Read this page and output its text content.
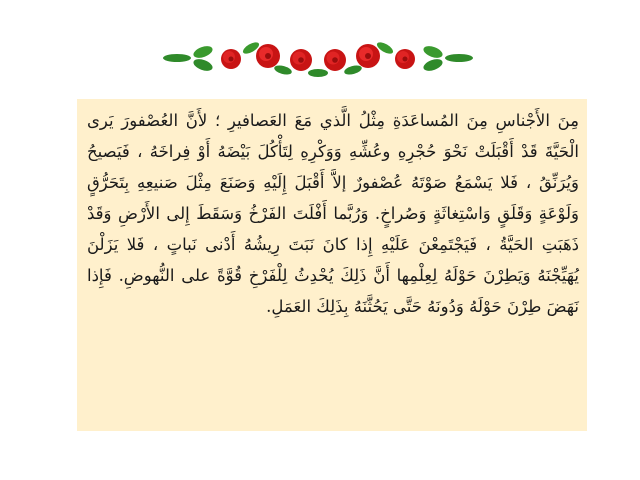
مِنَ الأَجْناسِ مِنَ المُساعَدَةِ مِثْلُ الَّذي مَعَ العَصافيرِ ؛ لأَنَّ العُصْفورَ يَرى الْحَيَّةَ قَدْ أَقْبَلَتْ نَحْوَ حُجْرِهِ وعُشِّهِ وَوَكْرِهِ لِتَأْكُلَ بَيْضَهُ أَوْ فِراخَهُ ، فَيَصيحُ وَيُرَنِّقُ ، فَلا يَسْمَعُ صَوْتَهُ عُصْفورٌ إلاَّ أَقْبَلَ إِلَيْهِ وَصَنَعَ مِثْلَ صَنيعِهِ بِتَحَرُّقٍ وَلَوْعَةٍ وَقَلَقٍ وَاسْتِغاثَةٍ وَصُراخٍ. وَرُبَّما أَفْلَتَ الفَرْخُ وَسَقَطَ إِلى الأَرْضِ وَقَدْ ذَهَبَتِ الحَيَّةُ ، فَيَجْتَمِعْنَ عَلَيْهِ إِذا كانَ نَبَتَ رِيشُهُ أَدْنى نَباتٍ ، فَلا يَزَلْنَ يُهَيِّجْنَهُ وَيَطِرْنَ حَوْلَهُ لِعِلْمِها أَنَّ ذَلِكَ يُحْدِثُ لِلْفَرْخِ قُوَّةً على النُّهوضِ. فَإِذا نَهَضَ طِرْنَ حَوْلَهُ وَدُونَهُ حَتَّى يَحُثَّنَهُ بِذَلِكَ العَمَلِ.
